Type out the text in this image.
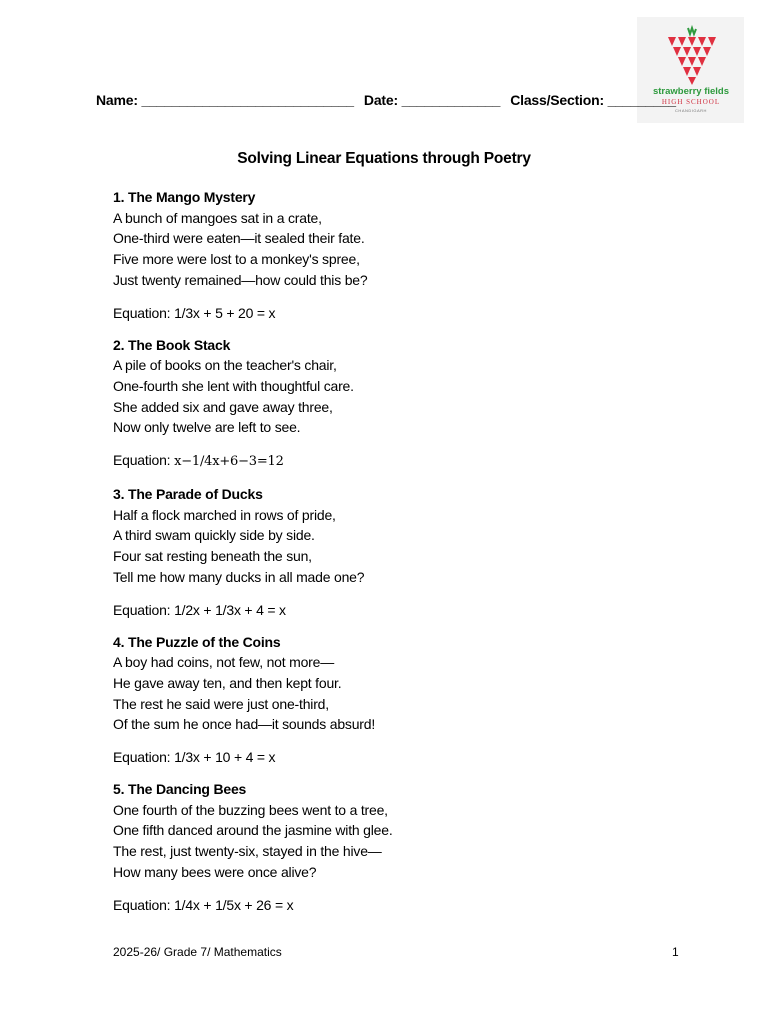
strawberry fields
HIGH SCHOOL
CHANDIGARH
Name: ____________________________ Date: _____________ Class/Section: _________
Solving Linear Equations through Poetry
1. The Mango Mystery
A bunch of mangoes sat in a crate,
One-third were eaten—it sealed their fate.
Five more were lost to a monkey's spree,
Just twenty remained—how could this be?
Equation: 1/3x + 5 + 20 = x
2. The Book Stack
A pile of books on the teacher's chair,
One-fourth she lent with thoughtful care.
She added six and gave away three,
Now only twelve are left to see.
Equation: x−1/4x+6−3=12
3. The Parade of Ducks
Half a flock marched in rows of pride,
A third swam quickly side by side.
Four sat resting beneath the sun,
Tell me how many ducks in all made one?
Equation: 1/2x + 1/3x + 4 = x
4. The Puzzle of the Coins
A boy had coins, not few, not more—
He gave away ten, and then kept four.
The rest he said were just one-third,
Of the sum he once had—it sounds absurd!
Equation: 1/3x + 10 + 4 = x
5. The Dancing Bees
One fourth of the buzzing bees went to a tree,
One fifth danced around the jasmine with glee.
The rest, just twenty-six, stayed in the hive—
How many bees were once alive?
Equation: 1/4x + 1/5x + 26 = x
2025-26/ Grade 7/ Mathematics	1
